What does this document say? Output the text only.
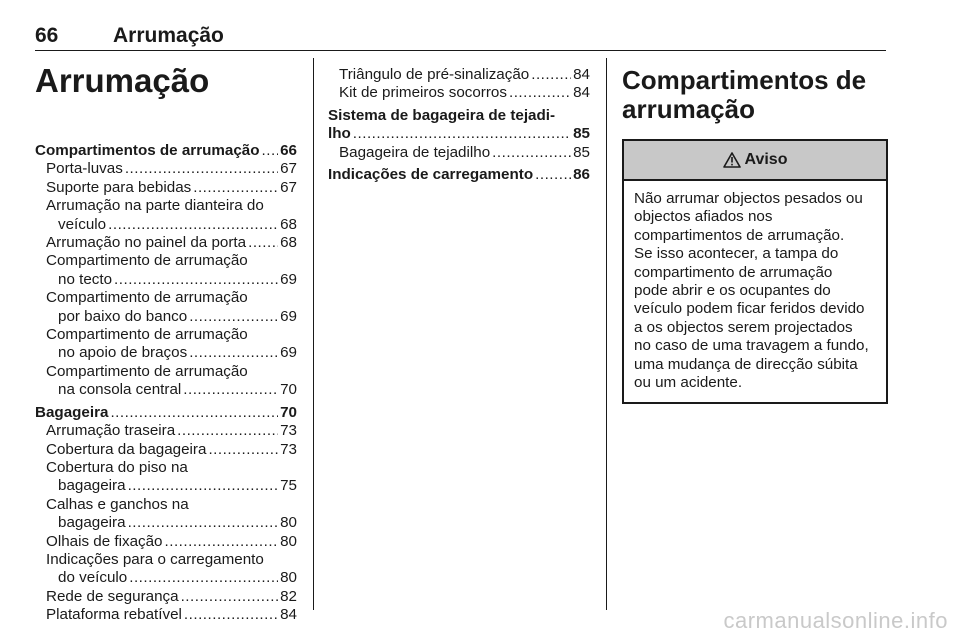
66	Arrumação
Arrumação
Compartimentos de arrumação ..... 66
Porta-luvas .....	67
Suporte para bebidas .....	67
Arrumação na parte dianteira do
veículo .....	68
Arrumação no painel da porta ..... 68
Compartimento de arrumação
no tecto .....	69
Compartimento de arrumação
por baixo do banco .....	69
Compartimento de arrumação
no apoio de braços .....	69
Compartimento de arrumação
na consola central .....	70
Bagageira .....	70
Arrumação traseira .....	73
Cobertura da bagageira .....	73
Cobertura do piso na
bagageira .....	75
Calhas e ganchos na
bagageira .....	80
Olhais de fixação .....	80
Indicações para o carregamento
do veículo .....	80
Rede de segurança .....	82
Plataforma rebatível .....	84
Triângulo de pré-sinalização .....	84
Kit de primeiros socorros .....	84
Sistema de bagageira de tejadi-
lho .....	85
Bagageira de tejadilho .....	85
Indicações de carregamento .....	86
Compartimentos de
arrumação
Aviso
Não arrumar objectos pesados ou
objectos afiados nos
compartimentos de arrumação.
Se isso acontecer, a tampa do
compartimento de arrumação
pode abrir e os ocupantes do
veículo podem ficar feridos devido
a os objectos serem projectados
no caso de uma travagem a fundo,
uma mudança de direcção súbita
ou um acidente.
carmanualsonline.info
